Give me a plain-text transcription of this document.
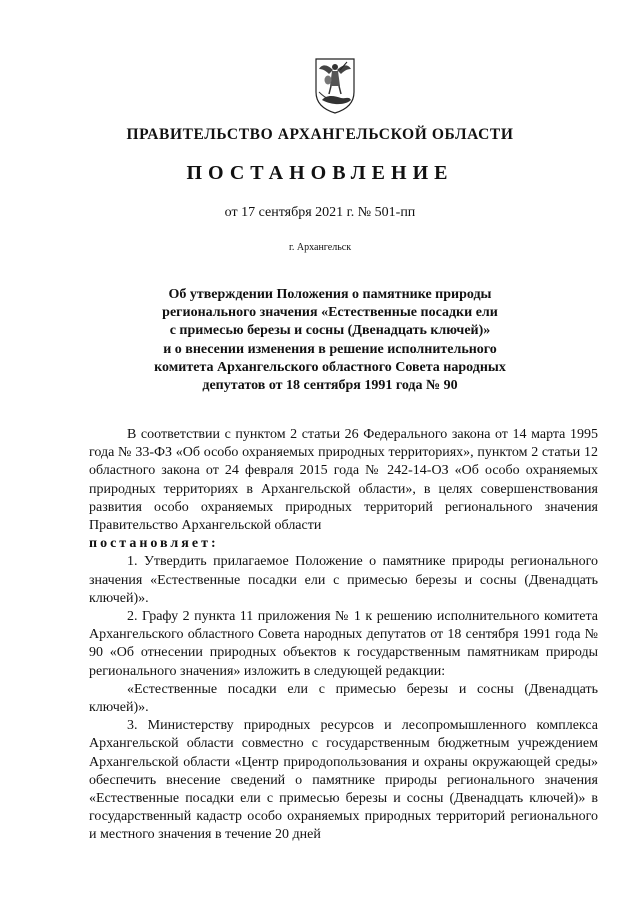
ПРАВИТЕЛЬСТВО АРХАНГЕЛЬСКОЙ ОБЛАСТИ
ПОСТАНОВЛЕНИЕ
от 17 сентября 2021 г. № 501-пп
г. Архангельск
Об утверждении Положения о памятнике природы
регионального значения «Естественные посадки ели
с примесью березы и сосны (Двенадцать ключей)»
и о внесении изменения в решение исполнительного
комитета Архангельского областного Совета народных
депутатов от 18 сентября 1991 года № 90

В соответствии с пунктом 2 статьи 26 Федерального закона от 14 марта 1995 года № 33-ФЗ «Об особо охраняемых природных территориях», пунктом 2 статьи 12 областного закона от 24 февраля 2015 года № 242-14-ОЗ «Об особо охраняемых природных территориях в Архангельской области», в целях совершенствования развития особо охраняемых природных территорий регионального значения Правительство Архангельской области

постановляет:

1. Утвердить прилагаемое Положение о памятнике природы регионального значения «Естественные посадки ели с примесью березы и сосны (Двенадцать ключей)».

2. Графу 2 пункта 11 приложения № 1 к решению исполнительного комитета Архангельского областного Совета народных депутатов от 18 сентября 1991 года № 90 «Об отнесении природных объектов к государственным памятникам природы регионального значения» изложить в следующей редакции:

«Естественные посадки ели с примесью березы и сосны (Двенадцать ключей)».

3. Министерству природных ресурсов и лесопромышленного комплекса Архангельской области совместно с государственным бюджетным учреждением Архангельской области «Центр природопользования и охраны окружающей среды» обеспечить внесение сведений о памятнике природы регионального значения «Естественные посадки ели с примесью березы и сосны (Двенадцать ключей)» в государственный кадастр особо охраняемых природных территорий регионального и местного значения в течение 20 дней
